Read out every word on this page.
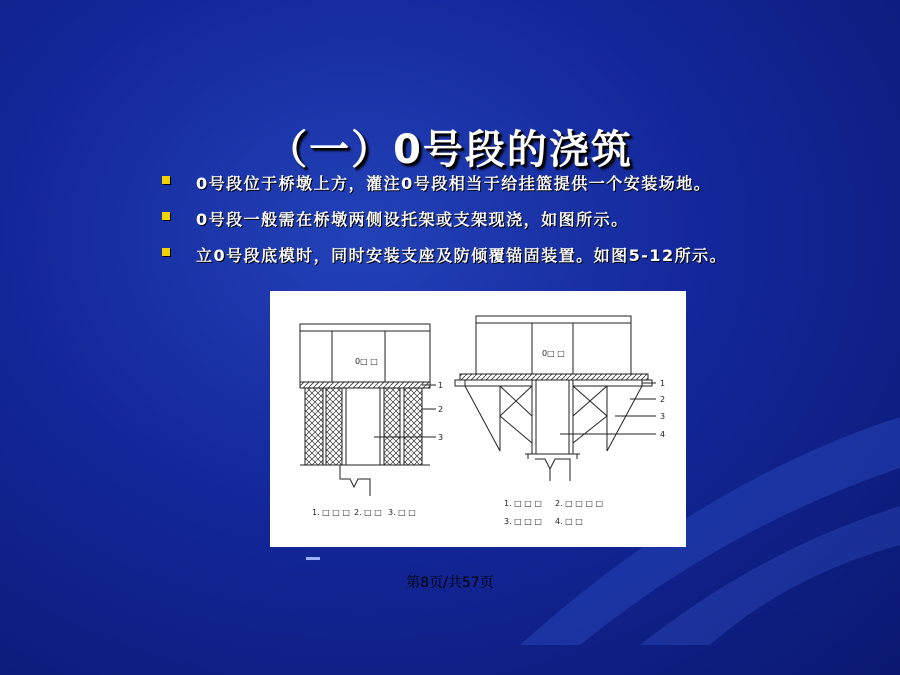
（一）0号段的浇筑
0号段位于桥墩上方，灌注0号段相当于给挂篮提供一个安装场地。
0号段一般需在桥墩两侧设托架或支架现浇，如图所示。
立0号段底模时，同时安装支座及防倾覆锚固装置。如图5-12所示。
0□ □
1
2
3
1. □ □ □ 2. □ □ 3. □ □
0□ □
1
2
3
4
1. □ □ □ 2. □ □ □ □
3. □ □ □ 4. □ □
第8页/共57页
